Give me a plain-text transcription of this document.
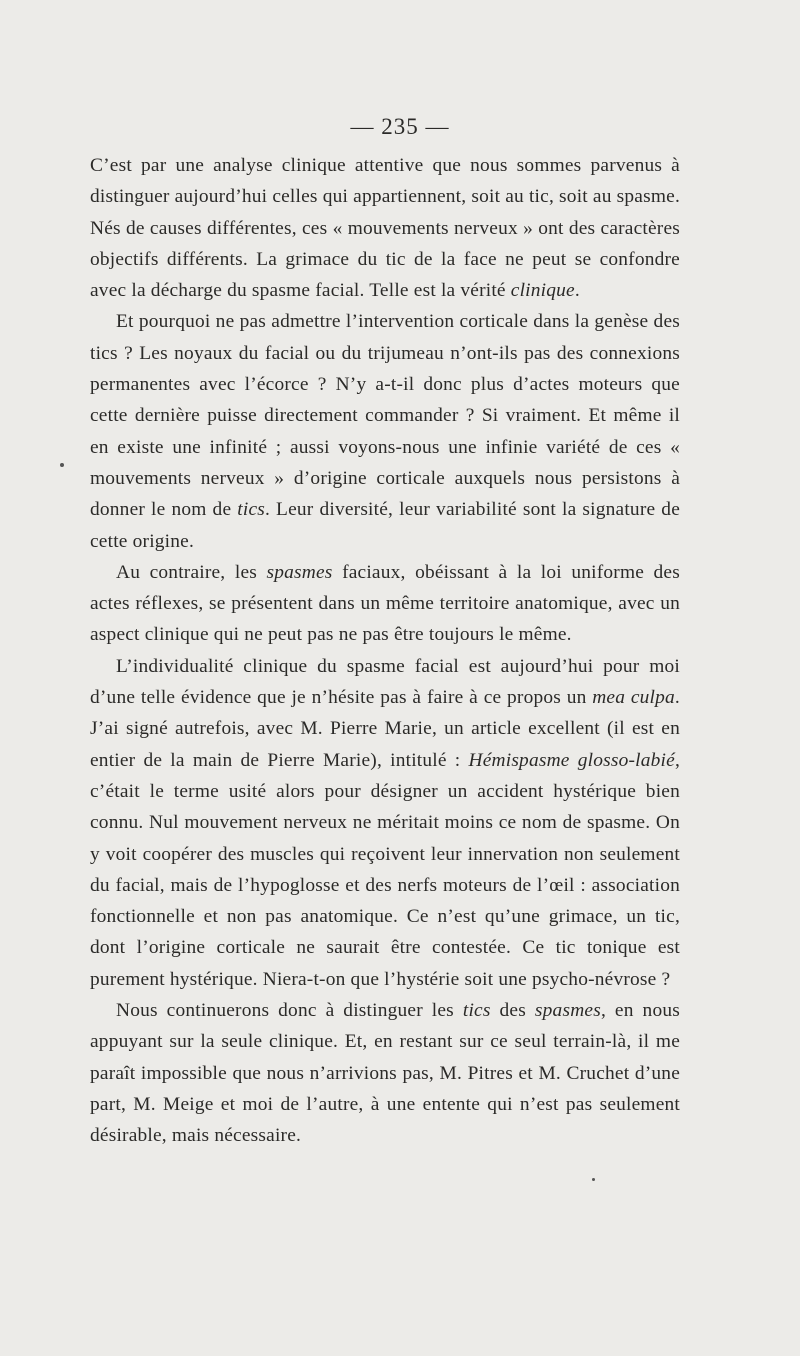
— 235 —

C’est par une analyse clinique attentive que nous sommes parvenus à distinguer aujourd’hui celles qui appartiennent, soit au tic, soit au spasme. Nés de causes différentes, ces « mouvements nerveux » ont des caractères objectifs différents. La grimace du tic de la face ne peut se confondre avec la décharge du spasme facial. Telle est la vérité clinique.

Et pourquoi ne pas admettre l’intervention corticale dans la genèse des tics ? Les noyaux du facial ou du trijumeau n’ont-ils pas des connexions permanentes avec l’écorce ? N’y a-t-il donc plus d’actes moteurs que cette dernière puisse directement commander ? Si vraiment. Et même il en existe une infinité ; aussi voyons-nous une infinie variété de ces « mouvements nerveux » d’origine corticale auxquels nous persistons à donner le nom de tics. Leur diversité, leur variabilité sont la signature de cette origine.

Au contraire, les spasmes faciaux, obéissant à la loi uniforme des actes réflexes, se présentent dans un même territoire anatomique, avec un aspect clinique qui ne peut pas ne pas être toujours le même.

L’individualité clinique du spasme facial est aujourd’hui pour moi d’une telle évidence que je n’hésite pas à faire à ce propos un mea culpa. J’ai signé autrefois, avec M. Pierre Marie, un article excellent (il est en entier de la main de Pierre Marie), intitulé : Hémispasme glosso-labié, c’était le terme usité alors pour désigner un accident hystérique bien connu. Nul mouvement nerveux ne méritait moins ce nom de spasme. On y voit coopérer des muscles qui reçoivent leur innervation non seulement du facial, mais de l’hypoglosse et des nerfs moteurs de l’œil : association fonctionnelle et non pas anatomique. Ce n’est qu’une grimace, un tic, dont l’origine corticale ne saurait être contestée. Ce tic tonique est purement hystérique. Niera-t-on que l’hystérie soit une psycho-névrose ?

Nous continuerons donc à distinguer les tics des spasmes, en nous appuyant sur la seule clinique. Et, en restant sur ce seul terrain-là, il me paraît impossible que nous n’arrivions pas, M. Pitres et M. Cruchet d’une part, M. Meige et moi de l’autre, à une entente qui n’est pas seulement désirable, mais nécessaire.
